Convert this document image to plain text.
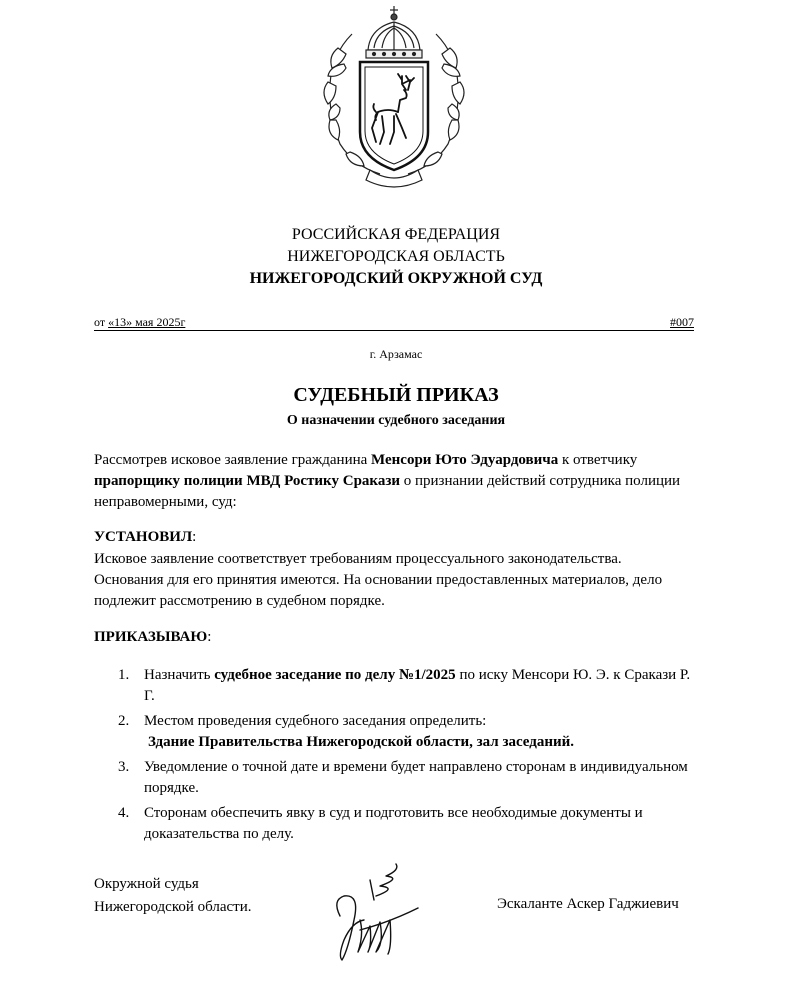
РОССИЙСКАЯ ФЕДЕРАЦИЯ
НИЖЕГОРОДСКАЯ ОБЛАСТЬ
НИЖЕГОРОДСКИЙ ОКРУЖНОЙ СУД
от «13» мая 2025г	#007
г. Арзамас
СУДЕБНЫЙ ПРИКАЗ
О назначении судебного заседания
Рассмотрев исковое заявление гражданина Менсори Юто Эдуардовича к ответчику прапорщику полиции МВД Ростику Сракази о признании действий сотрудника полиции неправомерными, суд:
УСТАНОВИЛ:
Исковое заявление соответствует требованиям процессуального законодательства. Основания для его принятия имеются. На основании предоставленных материалов, дело подлежит рассмотрению в судебном порядке.
ПРИКАЗЫВАЮ:
1. Назначить судебное заседание по делу №1/2025 по иску Менсори Ю. Э. к Сракази Р. Г.
2. Местом проведения судебного заседания определить:
Здание Правительства Нижегородской области, зал заседаний.
3. Уведомление о точной дате и времени будет направлено сторонам в индивидуальном порядке.
4. Сторонам обеспечить явку в суд и подготовить все необходимые документы и доказательства по делу.
Окружной судья
Нижегородской области.	Эскаланте Аскер Гаджиевич
